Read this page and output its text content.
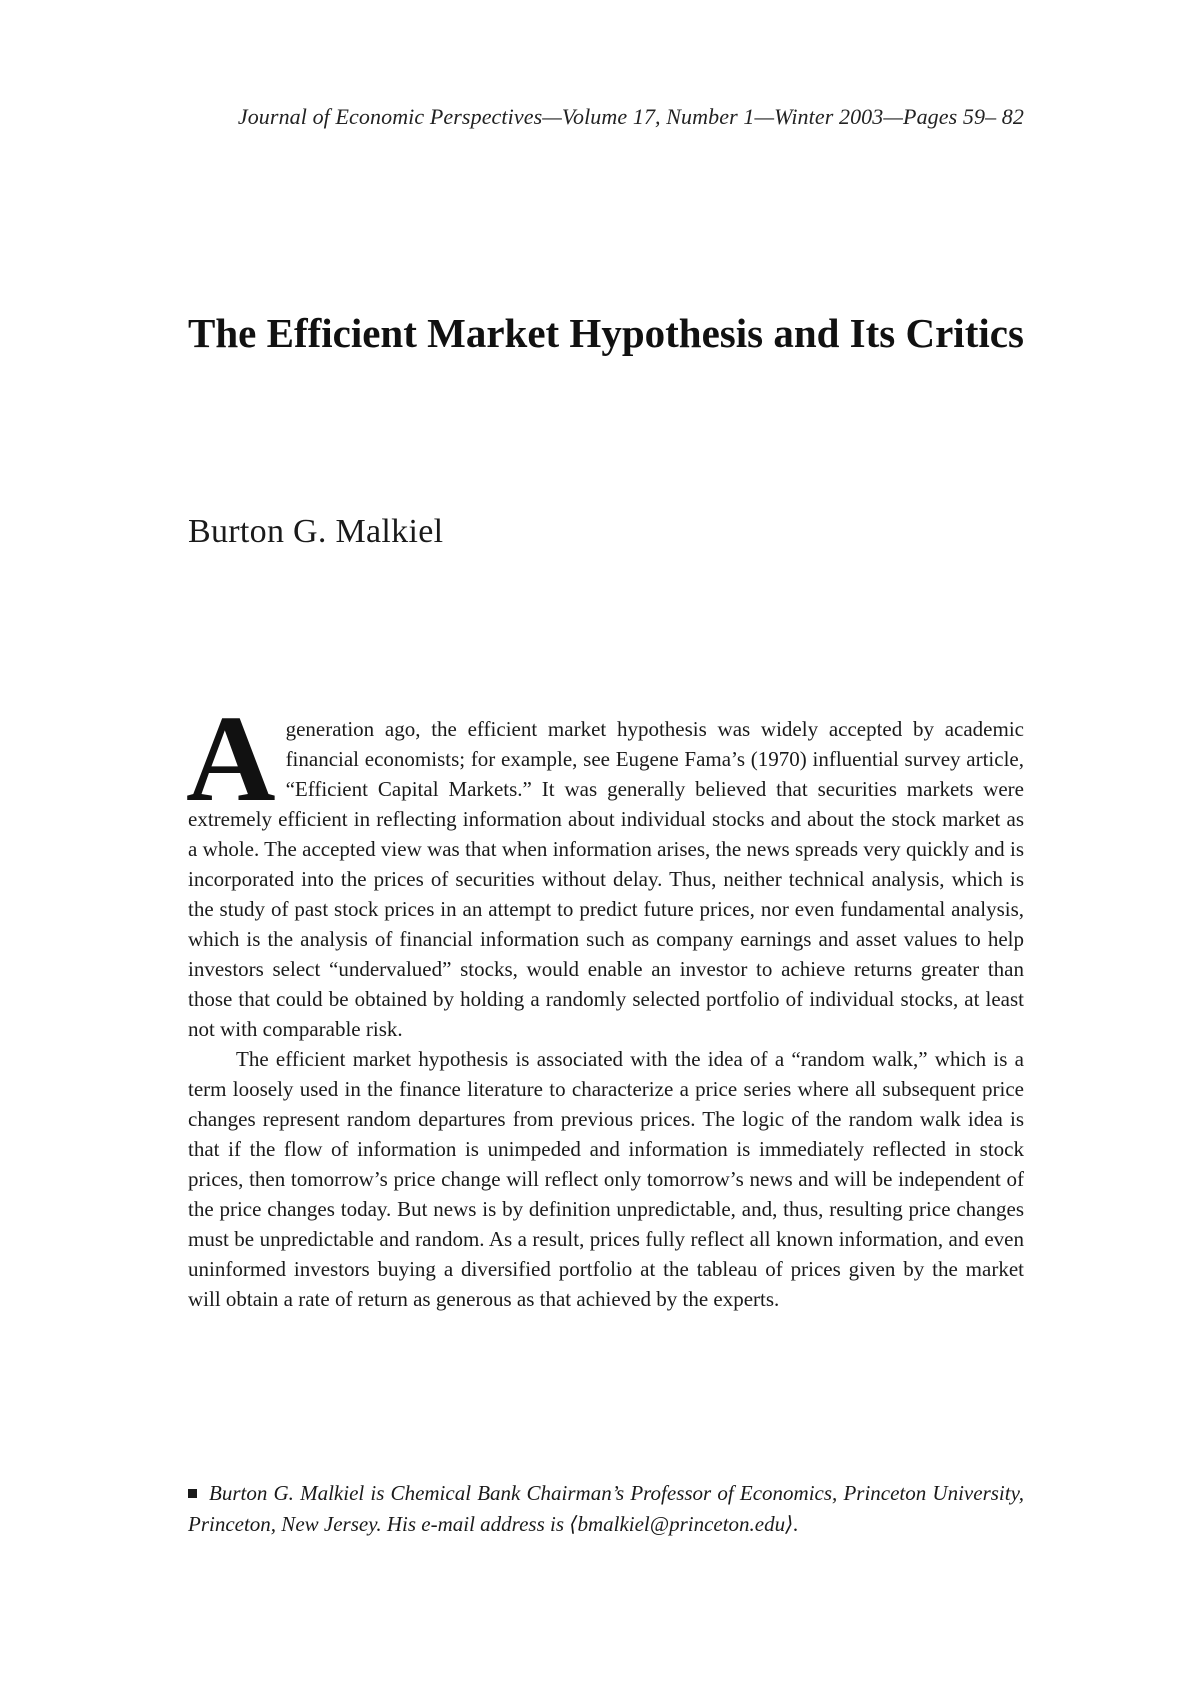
Journal of Economic Perspectives—Volume 17, Number 1—Winter 2003—Pages 59– 82
The Efficient Market Hypothesis and Its Critics
Burton G. Malkiel

Ageneration ago, the efficient market hypothesis was widely accepted by academic financial economists; for example, see Eugene Fama’s (1970) influential survey article, “Efficient Capital Markets.” It was generally believed that securities markets were extremely efficient in reflecting information about individual stocks and about the stock market as a whole. The accepted view was that when information arises, the news spreads very quickly and is incorporated into the prices of securities without delay. Thus, neither technical analysis, which is the study of past stock prices in an attempt to predict future prices, nor even fundamental analysis, which is the analysis of financial information such as company earnings and asset values to help investors select “undervalued” stocks, would enable an investor to achieve returns greater than those that could be obtained by holding a randomly selected portfolio of individual stocks, at least not with comparable risk.

The efficient market hypothesis is associated with the idea of a “random walk,” which is a term loosely used in the finance literature to characterize a price series where all subsequent price changes represent random departures from previous prices. The logic of the random walk idea is that if the flow of information is unimpeded and information is immediately reflected in stock prices, then tomorrow’s price change will reflect only tomorrow’s news and will be independent of the price changes today. But news is by definition unpredictable, and, thus, resulting price changes must be unpredictable and random. As a result, prices fully reflect all known information, and even uninformed investors buying a diversified portfolio at the tableau of prices given by the market will obtain a rate of return as generous as that achieved by the experts.

Burton G. Malkiel is Chemical Bank Chairman’s Professor of Economics, Princeton University, Princeton, New Jersey. His e-mail address is ⟨bmalkiel@princeton.edu⟩.
